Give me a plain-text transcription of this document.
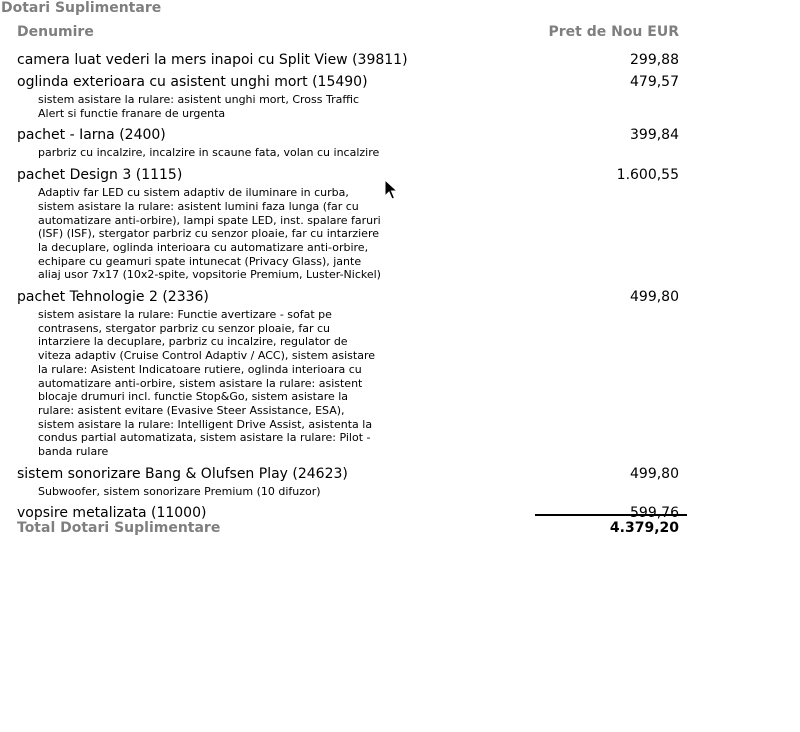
Dotari Suplimentare
Denumire	Pret de Nou EUR
camera luat vederi la mers inapoi cu Split View (39811)	299,88
oglinda exterioara cu asistent unghi mort (15490)	479,57
sistem asistare la rulare: asistent unghi mort, Cross Traffic Alert si functie franare de urgenta
pachet - Iarna (2400)	399,84
parbriz cu incalzire, incalzire in scaune fata, volan cu incalzire
pachet Design 3 (1115)	1.600,55
Adaptiv far LED cu sistem adaptiv de iluminare in curba, sistem asistare la rulare: asistent lumini faza lunga (far cu automatizare anti-orbire), lampi spate LED, inst. spalare faruri (ISF) (ISF), stergator parbriz cu senzor ploaie, far cu intarziere la decuplare, oglinda interioara cu automatizare anti-orbire, echipare cu geamuri spate intunecat (Privacy Glass), jante aliaj usor 7x17 (10x2-spite, vopsitorie Premium, Luster-Nickel)
pachet Tehnologie 2 (2336)	499,80
sistem asistare la rulare: Functie avertizare - sofat pe contrasens, stergator parbriz cu senzor ploaie, far cu intarziere la decuplare, parbriz cu incalzire, regulator de viteza adaptiv (Cruise Control Adaptiv / ACC), sistem asistare la rulare: Asistent Indicatoare rutiere, oglinda interioara cu automatizare anti-orbire, sistem asistare la rulare: asistent blocaje drumuri incl. functie Stop&Go, sistem asistare la rulare: asistent evitare (Evasive Steer Assistance, ESA), sistem asistare la rulare: Intelligent Drive Assist, asistenta la condus partial automatizata, sistem asistare la rulare: Pilot - banda rulare
sistem sonorizare Bang & Olufsen Play (24623)	499,80
Subwoofer, sistem sonorizare Premium (10 difuzor)
vopsire metalizata (11000)	599,76
Total Dotari Suplimentare	4.379,20
